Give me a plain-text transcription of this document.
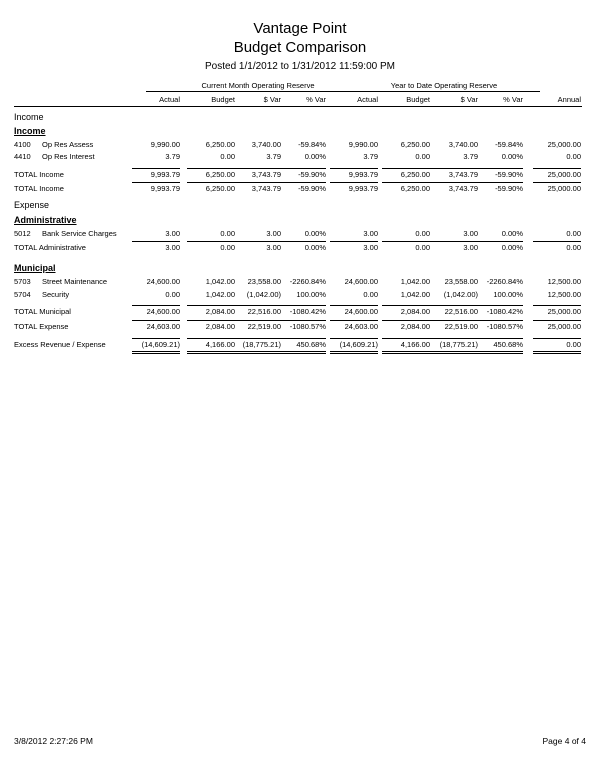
Vantage Point
Budget Comparison
Posted 1/1/2012 to 1/31/2012 11:59:00 PM
Current Month Operating Reserve	Year to Date Operating Reserve
Actual	Budget	$ Var	% Var	Actual	Budget	$ Var	% Var	Annual
Income
Income
4100 Op Res Assess	9,990.00	6,250.00	3,740.00	-59.84%	9,990.00	6,250.00	3,740.00	-59.84%	25,000.00
4410 Op Res Interest	3.79	0.00	3.79	0.00%	3.79	0.00	3.79	0.00%	0.00
TOTAL Income	9,993.79	6,250.00	3,743.79	-59.90%	9,993.79	6,250.00	3,743.79	-59.90%	25,000.00
TOTAL Income	9,993.79	6,250.00	3,743.79	-59.90%	9,993.79	6,250.00	3,743.79	-59.90%	25,000.00
Expense
Administrative
5012 Bank Service Charges	3.00	0.00	3.00	0.00%	3.00	0.00	3.00	0.00%	0.00
TOTAL Administrative	3.00	0.00	3.00	0.00%	3.00	0.00	3.00	0.00%	0.00
Municipal
5703 Street Maintenance	24,600.00	1,042.00	23,558.00	-2260.84%	24,600.00	1,042.00	23,558.00	-2260.84%	12,500.00
5704 Security	0.00	1,042.00	(1,042.00)	100.00%	0.00	1,042.00	(1,042.00)	100.00%	12,500.00
TOTAL Municipal	24,600.00	2,084.00	22,516.00	-1080.42%	24,600.00	2,084.00	22,516.00	-1080.42%	25,000.00
TOTAL Expense	24,603.00	2,084.00	22,519.00	-1080.57%	24,603.00	2,084.00	22,519.00	-1080.57%	25,000.00
Excess Revenue / Expense	(14,609.21)	4,166.00	(18,775.21)	450.68%	(14,609.21)	4,166.00	(18,775.21)	450.68%	0.00
3/8/2012 2:27:26 PM	Page 4 of 4
